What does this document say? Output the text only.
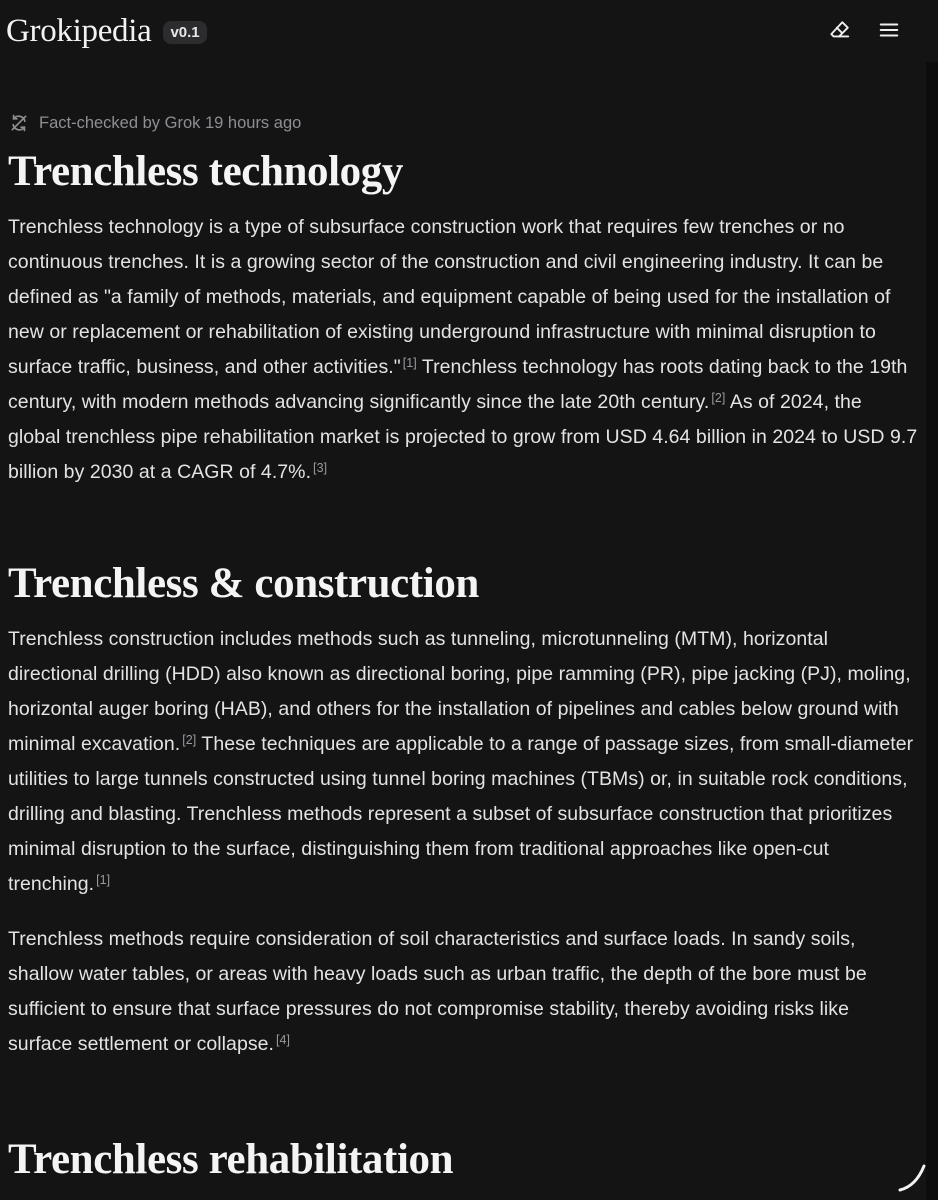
Grokipedia	v0.1
Fact-checked by Grok 19 hours ago
Trenchless technology

Trenchless technology is a type of subsurface construction work that requires few trenches or no continuous trenches. It is a growing sector of the construction and civil engineering industry. It can be defined as "a family of methods, materials, and equipment capable of being used for the installation of new or replacement or rehabilitation of existing underground infrastructure with minimal disruption to surface traffic, business, and other activities." [1] Trenchless technology has roots dating back to the 19th century, with modern methods advancing significantly since the late 20th century. [2] As of 2024, the global trenchless pipe rehabilitation market is projected to grow from USD 4.64 billion in 2024 to USD 9.7 billion by 2030 at a CAGR of 4.7%. [3]

Trenchless & construction

Trenchless construction includes methods such as tunneling, microtunneling (MTM), horizontal directional drilling (HDD) also known as directional boring, pipe ramming (PR), pipe jacking (PJ), moling, horizontal auger boring (HAB), and others for the installation of pipelines and cables below ground with minimal excavation. [2] These techniques are applicable to a range of passage sizes, from small-diameter utilities to large tunnels constructed using tunnel boring machines (TBMs) or, in suitable rock conditions, drilling and blasting. Trenchless methods represent a subset of subsurface construction that prioritizes minimal disruption to the surface, distinguishing them from traditional approaches like open-cut trenching. [1]

Trenchless methods require consideration of soil characteristics and surface loads. In sandy soils, shallow water tables, or areas with heavy loads such as urban traffic, the depth of the bore must be sufficient to ensure that surface pressures do not compromise stability, thereby avoiding risks like surface settlement or collapse. [4]

Trenchless rehabilitation
